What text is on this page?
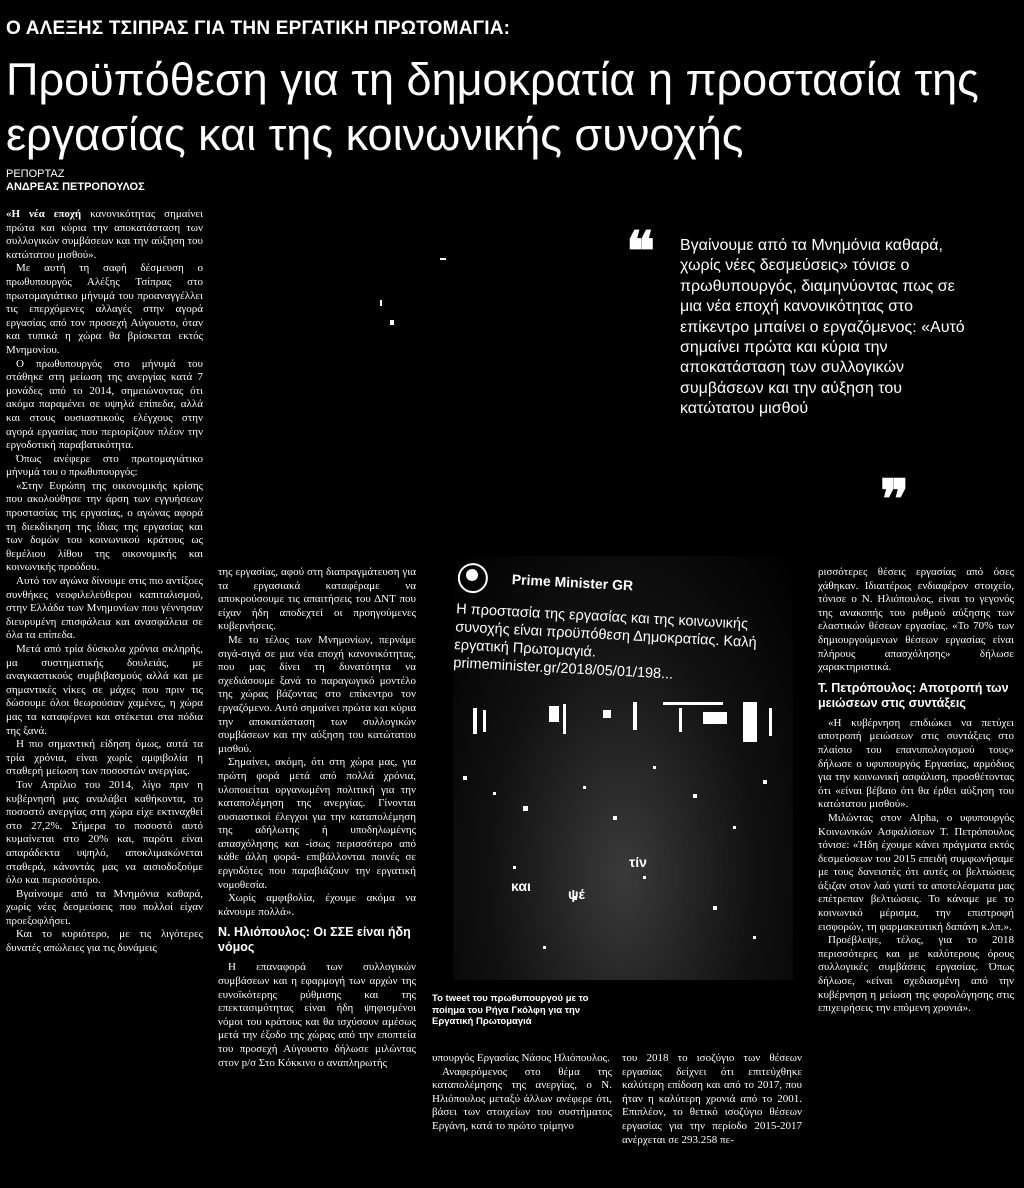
Ο ΑΛΕΞΗΣ ΤΣΙΠΡΑΣ ΓΙΑ ΤΗΝ ΕΡΓΑΤΙΚΗ ΠΡΩΤΟΜΑΓΙΑ:
Προϋπόθεση για τη δημοκρατία η προστασία της εργασίας και της κοινωνικής συνοχής
ΡΕΠΟΡΤΑΖ
ΑΝΔΡΕΑΣ ΠΕΤΡΟΠΟΥΛΟΣ

«Η νέα εποχή κανονικότητας σημαίνει πρώτα και κύρια την αποκατάσταση των συλλογικών συμβάσεων και την αύξηση του κατώτατου μισθού».

Με αυτή τη σαφή δέσμευση ο πρωθυπουργός Αλέξης Τσίπρας στο πρωτομαγιάτικο μήνυμά του προαναγγέλλει τις επερχόμενες αλλαγές στην αγορά εργασίας από τον προσεχή Αύγουστο, όταν και τυπικά η χώρα θα βρίσκεται εκτός Μνημονίου.

Ο πρωθυπουργός στο μήνυμά του στάθηκε στη μείωση της ανεργίας κατά 7 μονάδες από το 2014, σημειώνοντας ότι ακόμα παραμένει σε υψηλά επίπεδα, αλλά και στους ουσιαστικούς ελέγχους στην αγορά εργασίας που περιορίζουν πλέον την εργοδοτική παραβατικότητα.

Όπως ανέφερε στο πρωτομαγιάτικο μήνυμά του ο πρωθυπουργός:

«Στην Ευρώπη της οικονομικής κρίσης που ακολούθησε την άρση των εγγυήσεων προστασίας της εργασίας, ο αγώνας αφορά τη διεκδίκηση της ίδιας της εργασίας και των δομών του κοινωνικού κράτους ως θεμέλιου λίθου της οικονομικής και κοινωνικής προόδου.

Αυτό τον αγώνα δίνουμε στις πιο αντίξοες συνθήκες νεοφιλελεύθερου καπιταλισμού, στην Ελλάδα των Μνημονίων που γέννησαν διευρυμένη επισφάλεια και ανασφάλεια σε όλα τα επίπεδα.

Μετά από τρία δύσκολα χρόνια σκληρής, μα συστηματικής δουλειάς, με αναγκαστικούς συμβιβασμούς αλλά και με σημαντικές νίκες σε μάχες που πριν τις δώσουμε όλοι θεωρούσαν χαμένες, η χώρα μας τα καταφέρνει και στέκεται στα πόδια της ξανά.

Η πιο σημαντική είδηση όμως, αυτά τα τρία χρόνια, είναι χωρίς αμφιβολία η σταθερή μείωση των ποσοστών ανεργίας.

Τον Απρίλιο του 2014, λίγο πριν η κυβέρνησή μας αναλάβει καθήκοντα, το ποσοστό ανεργίας στη χώρα είχε εκτιναχθεί στο 27,2%. Σήμερα το ποσοστό αυτό κυμαίνεται στο 20% και, παρότι είναι απαράδεκτα υψηλό, αποκλιμακώνεται σταθερά, κάνοντάς μας να αισιοδοξούμε όλο και περισσότερο.

Βγαίνουμε από τα Μνημόνια καθαρά, χωρίς νέες δεσμεύσεις που πολλοί είχαν προεξοφλήσει.

Και το κυριότερο, με τις λιγότερες δυνατές απώλειες για τις δυνάμεις

της εργασίας, αφού στη διαπραγμάτευση για τα εργασιακά καταφέραμε να αποκρούσουμε τις απαιτήσεις του ΔΝΤ που είχαν ήδη αποδεχτεί οι προηγούμενες κυβερνήσεις.

Με το τέλος των Μνημονίων, περνάμε σιγά-σιγά σε μια νέα εποχή κανονικότητας, που μας δίνει τη δυνατότητα να σχεδιάσουμε ξανά το παραγωγικό μοντέλο της χώρας βάζοντας στο επίκεντρο τον εργαζόμενο. Αυτό σημαίνει πρώτα και κύρια την αποκατάσταση των συλλογικών συμβάσεων και την αύξηση του κατώτατου μισθού.

Σημαίνει, ακόμη, ότι στη χώρα μας, για πρώτη φορά μετά από πολλά χρόνια, υλοποιείται οργανωμένη πολιτική για την καταπολέμηση της ανεργίας. Γίνονται ουσιαστικοί έλεγχοι για την καταπολέμηση της αδήλωτης ή υποδηλωμένης απασχόλησης και -ίσως περισσότερο από κάθε άλλη φορά- επιβάλλονται ποινές σε εργοδότες που παραβιάζουν την εργατική νομοθεσία.

Χωρίς αμφιβολία, έχουμε ακόμα να κάνουμε πολλά».

Ν. Ηλιόπουλος: Οι ΣΣΕ είναι ήδη νόμος

Η επαναφορά των συλλογικών συμβάσεων και η εφαρμογή των αρχών της ευνοϊκότερης ρύθμισης και της επεκτασιμότητας είναι ήδη ψηφισμένοι νόμοι του κράτους και θα ισχύσουν αμέσως μετά την έξοδο της χώρας από την εποπτεία του προσεχή Αύγουστο δήλωσε μιλώντας στον p/σ Στο Κόκκινο ο αναπληρωτής	υπουργός Εργασίας Νάσος Ηλιόπουλος.

Αναφερόμενος στο θέμα της καταπολέμησης της ανεργίας, ο Ν. Ηλιόπουλος μεταξύ άλλων ανέφερε ότι, βάσει των στοιχείων του συστήματος Εργάνη, κατά το πρώτο τρίμηνο

του 2018 το ισοζύγιο των θέσεων εργασίας δείχνει ότι επιτεύχθηκε καλύτερη επίδοση και από το 2017, που ήταν η καλύτερη χρονιά από το 2001. Επιπλέον, το θετικό ισοζύγιο θέσεων εργασίας για την περίοδο 2015-2017 ανέρχεται σε 293.258 πε-

ρισσότερες θέσεις εργασίας από όσες χάθηκαν. Ιδιαιτέρως ενδιαφέρον στοιχείο, τόνισε ο Ν. Ηλιόπουλος, είναι το γεγονός της ανακοπής του ρυθμού αύξησης των ελαστικών θέσεων εργασίας. «Το 70% των δημιουργούμενων θέσεων εργασίας είναι πλήρους απασχόλησης» δήλωσε χαρακτηριστικά.

Τ. Πετρόπουλος: Αποτροπή των μειώσεων στις συντάξεις

«Η κυβέρνηση επιδιώκει να πετύχει αποτροπή μειώσεων στις συντάξεις στο πλαίσιο του επανυπολογισμού τους» δήλωσε ο υφυπουργός Εργασίας, αρμόδιος για την κοινωνική ασφάλιση, προσθέτοντας ότι «είναι βέβαιο ότι θα έρθει αύξηση του κατώτατου μισθού».

Μιλώντας στον Alpha, ο υφυπουργός Κοινωνικών Ασφαλίσεων Τ. Πετρόπουλος τόνισε: «Ήδη έχουμε κάνει πράγματα εκτός δεσμεύσεων του 2015 επειδή συμφωνήσαμε με τους δανειστές ότι αυτές οι βελτιώσεις άξιζαν στον λαό γιατί τα αποτελέσματα μας επέτρεπαν βελτιώσεις. Το κάναμε με το κοινωνικό μέρισμα, την επιστροφή εισφορών, τη φαρμακευτική δαπάνη κ.λπ.».

Προέβλεψε, τέλος, για το 2018 περισσότερες και με καλύτερους όρους συλλογικές συμβάσεις εργασίας. Όπως δήλωσε, «είναι σχεδιασμένη από την κυβέρνηση η μείωση της φορολόγησης στις επιχειρήσεις την επόμενη χρονιά».

❝ Βγαίνουμε από τα Μνημόνια καθαρά, χωρίς νέες δεσμεύσεις» τόνισε ο πρωθυπουργός, διαμηνύοντας πως σε μια νέα εποχή κανονικότητας στο επίκεντρο μπαίνει ο εργαζόμενος: «Αυτό σημαίνει πρώτα και κύρια την αποκατάσταση των συλλογικών συμβάσεων και την αύξηση του κατώτατου μισθού
❞
Prime Minister GR
Η προστασία της εργασίας και της κοινωνικής συνοχής είναι προϋπόθεση Δημοκρατίας. Καλή εργατική Πρωτομαγιά. primeminister.gr/2018/05/01/198...
τίν
και	ψέ
Το tweet του πρωθυπουργού με το ποίημα του Ρήγα Γκόλφη για την Εργατική Πρωτομαγιά
